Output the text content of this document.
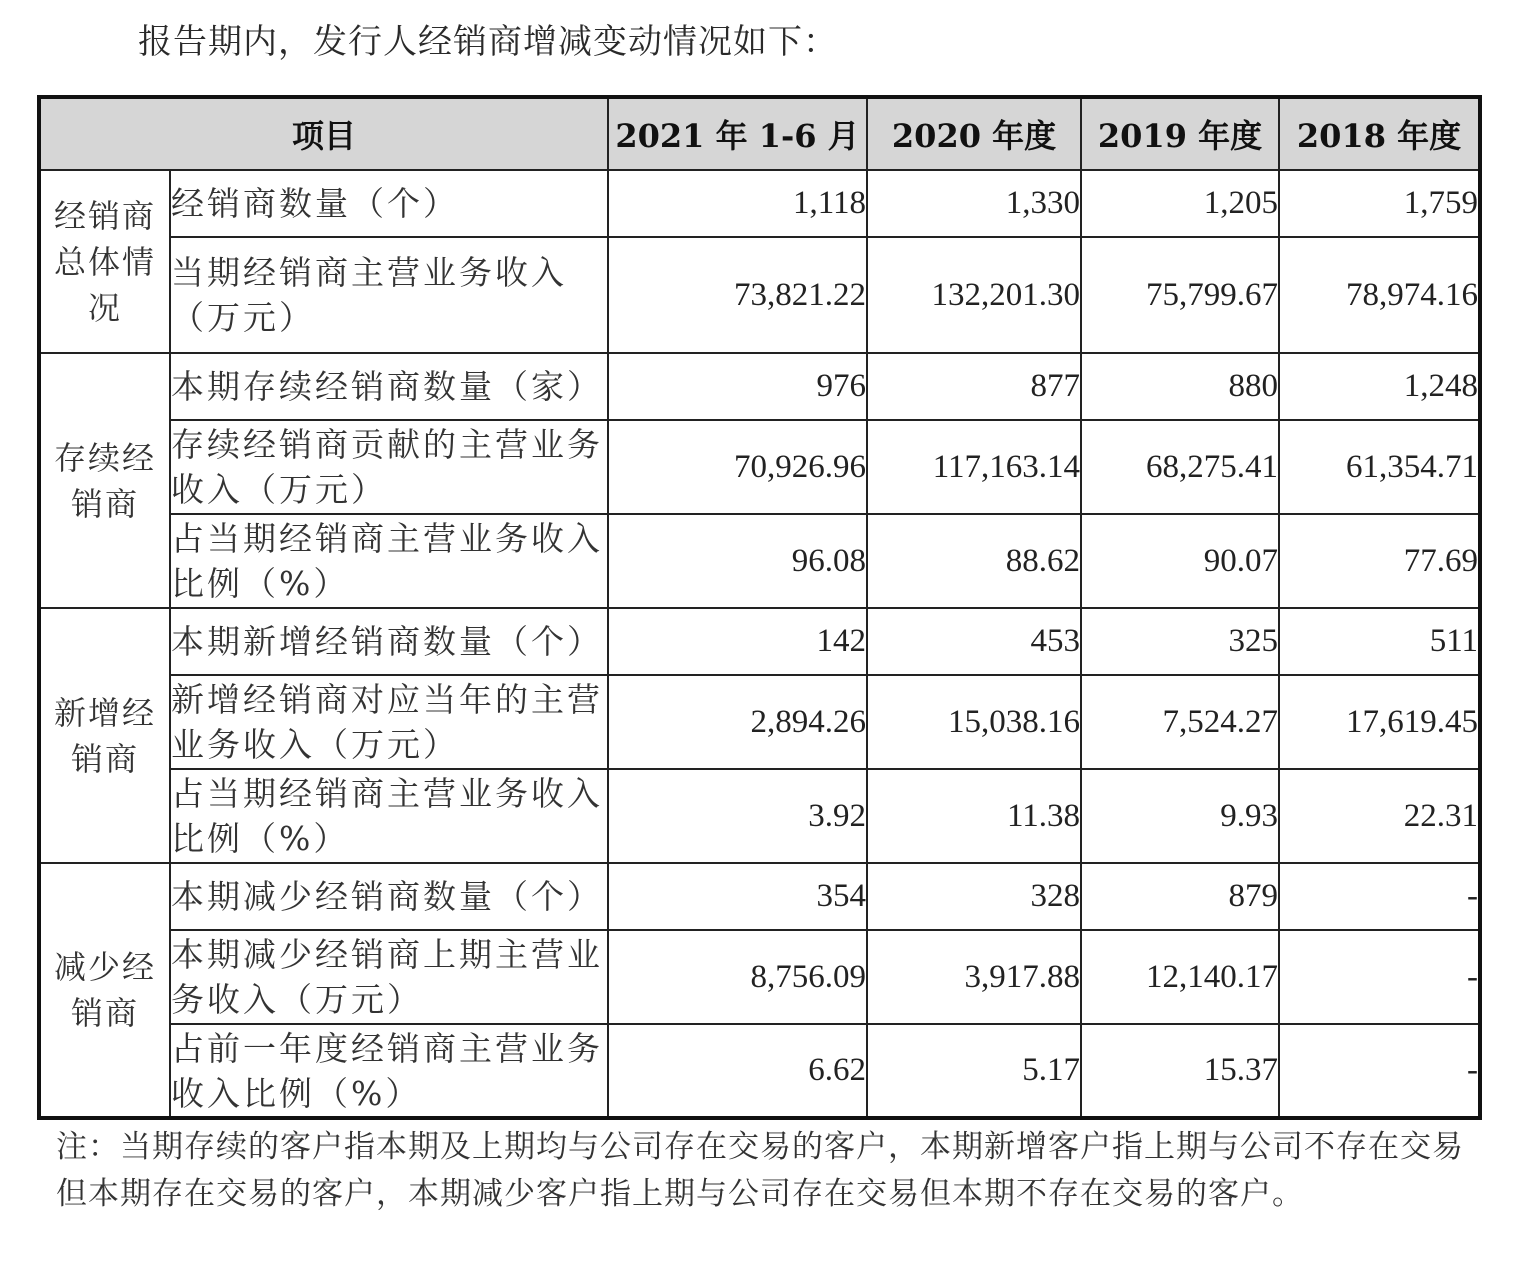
报告期内，发行人经销商增减变动情况如下：
项目		2021 年 1-6 月	2020 年度	2019 年度	2018 年度
经销商总体情况	经销商数量（个）	1,118	1,330	1,205	1,759
	当期经销商主营业务收入（万元）	73,821.22	132,201.30	75,799.67	78,974.16
存续经销商	本期存续经销商数量（家）	976	877	880	1,248
	存续经销商贡献的主营业务收入（万元）	70,926.96	117,163.14	68,275.41	61,354.71
	占当期经销商主营业务收入比例（%）	96.08	88.62	90.07	77.69
新增经销商	本期新增经销商数量（个）	142	453	325	511
	新增经销商对应当年的主营业务收入（万元）	2,894.26	15,038.16	7,524.27	17,619.45
	占当期经销商主营业务收入比例（%）	3.92	11.38	9.93	22.31
减少经销商	本期减少经销商数量（个）	354	328	879	-
	本期减少经销商上期主营业务收入（万元）	8,756.09	3,917.88	12,140.17	-
	占前一年度经销商主营业务收入比例（%）	6.62	5.17	15.37	-
注：当期存续的客户指本期及上期均与公司存在交易的客户，本期新增客户指上期与公司不存在交易但本期存在交易的客户，本期减少客户指上期与公司存在交易但本期不存在交易的客户。
